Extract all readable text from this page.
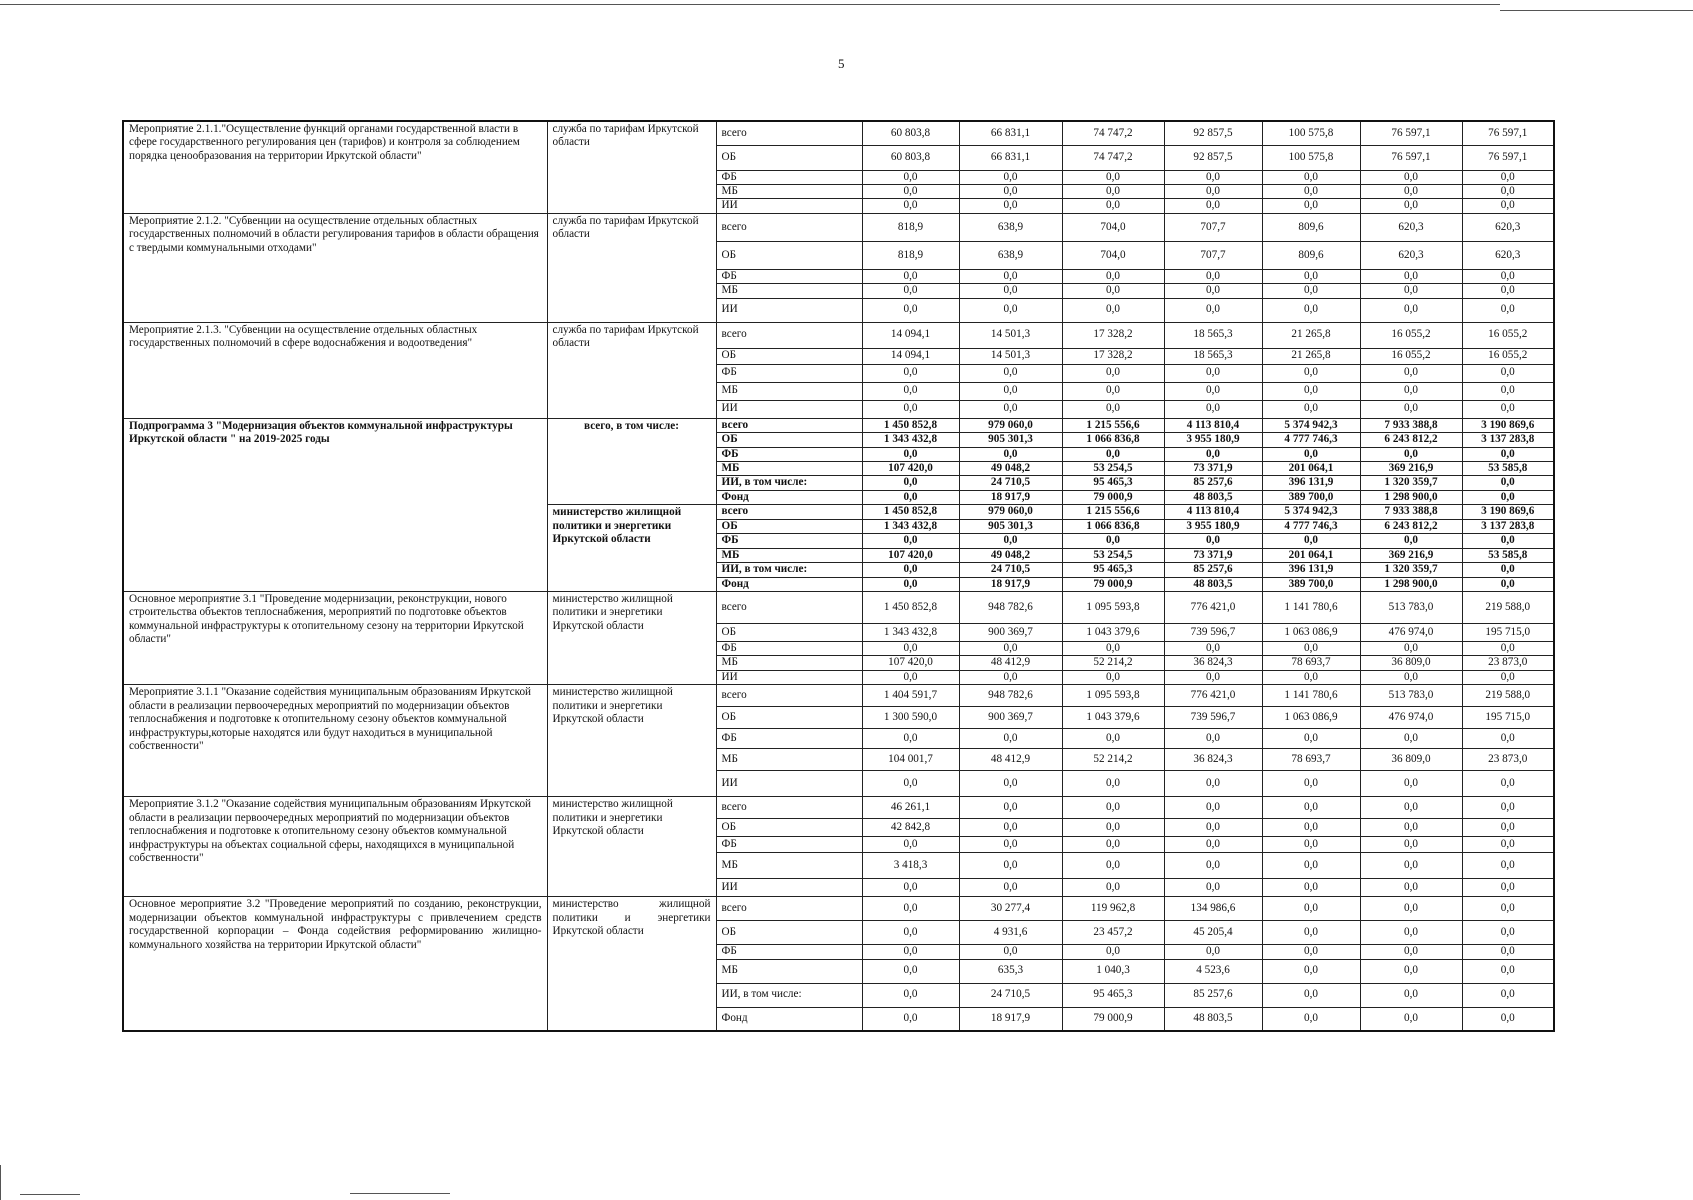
5
Мероприятие 2.1.1."Осуществление функций органами государственной власти в сфере государственного регулирования цен (тарифов) и контроля за соблюдением порядка ценообразования на территории Иркутской области"	служба по тарифам Иркутской области	всего	60 803,8	66 831,1	74 747,2	92 857,5	100 575,8	76 597,1	76 597,1
		ОБ	60 803,8	66 831,1	74 747,2	92 857,5	100 575,8	76 597,1	76 597,1
		ФБ	0,0	0,0	0,0	0,0	0,0	0,0	0,0
		МБ	0,0	0,0	0,0	0,0	0,0	0,0	0,0
		ИИ	0,0	0,0	0,0	0,0	0,0	0,0	0,0
Мероприятие 2.1.2. "Субвенции на осуществление отдельных областных государственных полномочий в области регулирования тарифов в области обращения с твердыми коммунальными отходами"	служба по тарифам Иркутской области	всего	818,9	638,9	704,0	707,7	809,6	620,3	620,3
		ОБ	818,9	638,9	704,0	707,7	809,6	620,3	620,3
		ФБ	0,0	0,0	0,0	0,0	0,0	0,0	0,0
		МБ	0,0	0,0	0,0	0,0	0,0	0,0	0,0
		ИИ	0,0	0,0	0,0	0,0	0,0	0,0	0,0
Мероприятие 2.1.3. "Субвенции на осуществление отдельных областных государственных полномочий в сфере водоснабжения и водоотведения"	служба по тарифам Иркутской области	всего	14 094,1	14 501,3	17 328,2	18 565,3	21 265,8	16 055,2	16 055,2
		ОБ	14 094,1	14 501,3	17 328,2	18 565,3	21 265,8	16 055,2	16 055,2
		ФБ	0,0	0,0	0,0	0,0	0,0	0,0	0,0
		МБ	0,0	0,0	0,0	0,0	0,0	0,0	0,0
		ИИ	0,0	0,0	0,0	0,0	0,0	0,0	0,0
Подпрограмма 3 "Модернизация объектов коммунальной инфраструктуры Иркутской области " на 2019-2025 годы	всего, в том числе:	всего	1 450 852,8	979 060,0	1 215 556,6	4 113 810,4	5 374 942,3	7 933 388,8	3 190 869,6
		ОБ	1 343 432,8	905 301,3	1 066 836,8	3 955 180,9	4 777 746,3	6 243 812,2	3 137 283,8
		ФБ	0,0	0,0	0,0	0,0	0,0	0,0	0,0
		МБ	107 420,0	49 048,2	53 254,5	73 371,9	201 064,1	369 216,9	53 585,8
		ИИ, в том числе:	0,0	24 710,5	95 465,3	85 257,6	396 131,9	1 320 359,7	0,0
		Фонд	0,0	18 917,9	79 000,9	48 803,5	389 700,0	1 298 900,0	0,0
	министерство жилищной политики и энергетики Иркутской области	всего	1 450 852,8	979 060,0	1 215 556,6	4 113 810,4	5 374 942,3	7 933 388,8	3 190 869,6
		ОБ	1 343 432,8	905 301,3	1 066 836,8	3 955 180,9	4 777 746,3	6 243 812,2	3 137 283,8
		ФБ	0,0	0,0	0,0	0,0	0,0	0,0	0,0
		МБ	107 420,0	49 048,2	53 254,5	73 371,9	201 064,1	369 216,9	53 585,8
		ИИ, в том числе:	0,0	24 710,5	95 465,3	85 257,6	396 131,9	1 320 359,7	0,0
		Фонд	0,0	18 917,9	79 000,9	48 803,5	389 700,0	1 298 900,0	0,0
Основное мероприятие 3.1 "Проведение модернизации, реконструкции, нового строительства объектов теплоснабжения, мероприятий по подготовке объектов коммунальной инфраструктуры к отопительному сезону на территории Иркутской области"	министерство жилищной политики и энергетики Иркутской области	всего	1 450 852,8	948 782,6	1 095 593,8	776 421,0	1 141 780,6	513 783,0	219 588,0
		ОБ	1 343 432,8	900 369,7	1 043 379,6	739 596,7	1 063 086,9	476 974,0	195 715,0
		ФБ	0,0	0,0	0,0	0,0	0,0	0,0	0,0
		МБ	107 420,0	48 412,9	52 214,2	36 824,3	78 693,7	36 809,0	23 873,0
		ИИ	0,0	0,0	0,0	0,0	0,0	0,0	0,0
Мероприятие 3.1.1 "Оказание содействия муниципальным образованиям Иркутской области в реализации первоочередных мероприятий по модернизации объектов теплоснабжения и подготовке к отопительному сезону объектов коммунальной инфраструктуры,которые находятся или будут находиться в муниципальной собственности"	министерство жилищной политики и энергетики Иркутской области	всего	1 404 591,7	948 782,6	1 095 593,8	776 421,0	1 141 780,6	513 783,0	219 588,0
		ОБ	1 300 590,0	900 369,7	1 043 379,6	739 596,7	1 063 086,9	476 974,0	195 715,0
		ФБ	0,0	0,0	0,0	0,0	0,0	0,0	0,0
		МБ	104 001,7	48 412,9	52 214,2	36 824,3	78 693,7	36 809,0	23 873,0
		ИИ	0,0	0,0	0,0	0,0	0,0	0,0	0,0
Мероприятие 3.1.2 "Оказание содействия муниципальным образованиям Иркутской области в реализации первоочередных мероприятий по модернизации объектов теплоснабжения и подготовке к отопительному сезону объектов коммунальной инфраструктуры на объектах социальной сферы, находящихся в муниципальной собственности"	министерство жилищной политики и энергетики Иркутской области	всего	46 261,1	0,0	0,0	0,0	0,0	0,0	0,0
		ОБ	42 842,8	0,0	0,0	0,0	0,0	0,0	0,0
		ФБ	0,0	0,0	0,0	0,0	0,0	0,0	0,0
		МБ	3 418,3	0,0	0,0	0,0	0,0	0,0	0,0
		ИИ	0,0	0,0	0,0	0,0	0,0	0,0	0,0
Основное мероприятие 3.2 "Проведение мероприятий по созданию, реконструкции, модернизации объектов коммунальной инфраструктуры с привлечением средств государственной корпорации – Фонда содействия реформированию жилищно-коммунального хозяйства на территории Иркутской области"	министерство жилищной политики и энергетики Иркутской области	всего	0,0	30 277,4	119 962,8	134 986,6	0,0	0,0	0,0
		ОБ	0,0	4 931,6	23 457,2	45 205,4	0,0	0,0	0,0
		ФБ	0,0	0,0	0,0	0,0	0,0	0,0	0,0
		МБ	0,0	635,3	1 040,3	4 523,6	0,0	0,0	0,0
		ИИ, в том числе:	0,0	24 710,5	95 465,3	85 257,6	0,0	0,0	0,0
		Фонд	0,0	18 917,9	79 000,9	48 803,5	0,0	0,0	0,0
